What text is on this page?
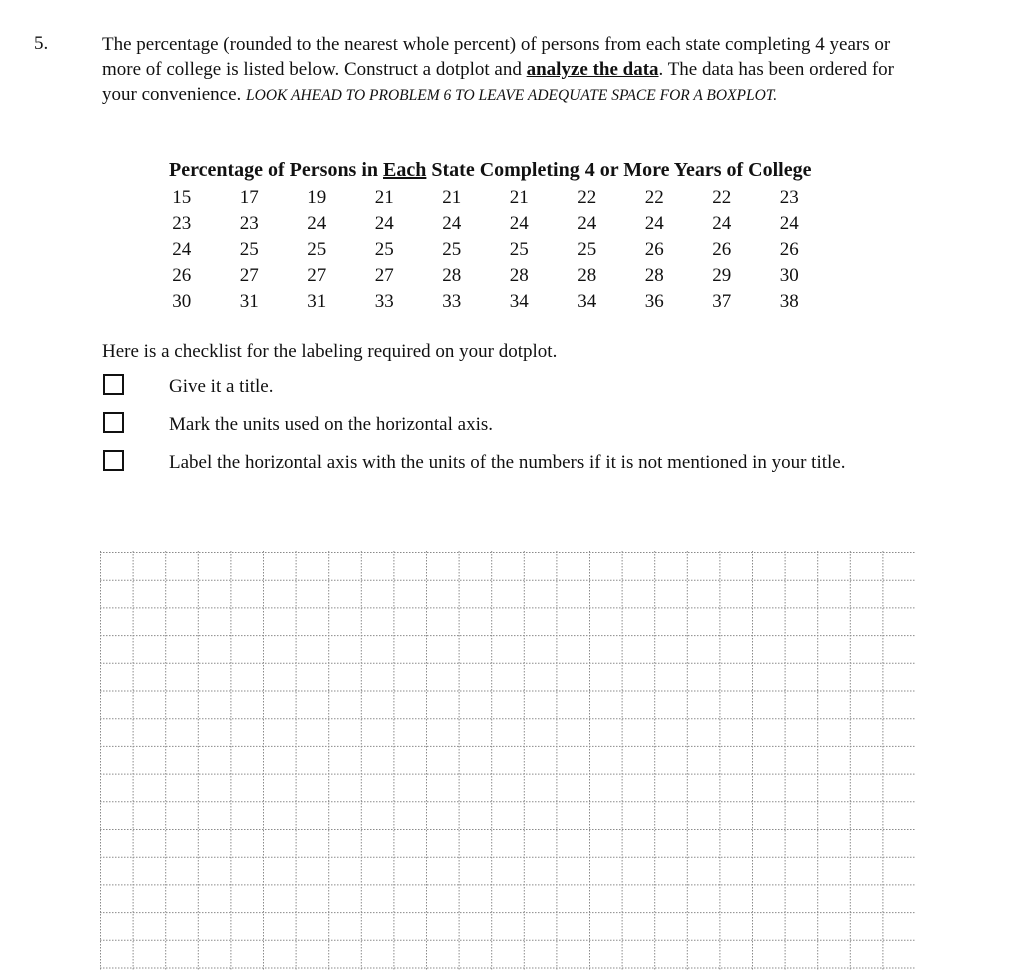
5.	The percentage (rounded to the nearest whole percent) of persons from each state completing 4 years or more of college is listed below. Construct a dotplot and analyze the data. The data has been ordered for your convenience. LOOK AHEAD TO PROBLEM 6 TO LEAVE ADEQUATE SPACE FOR A BOXPLOT.
Percentage of Persons in Each State Completing 4 or More Years of College
15	17	19	21	21	21	22	22	22	23
23	23	24	24	24	24	24	24	24	24
24	25	25	25	25	25	25	26	26	26
26	27	27	27	28	28	28	28	29	30
30	31	31	33	33	34	34	36	37	38
Here is a checklist for the labeling required on your dotplot.
Give it a title.
Mark the units used on the horizontal axis.
Label the horizontal axis with the units of the numbers if it is not mentioned in your title.
